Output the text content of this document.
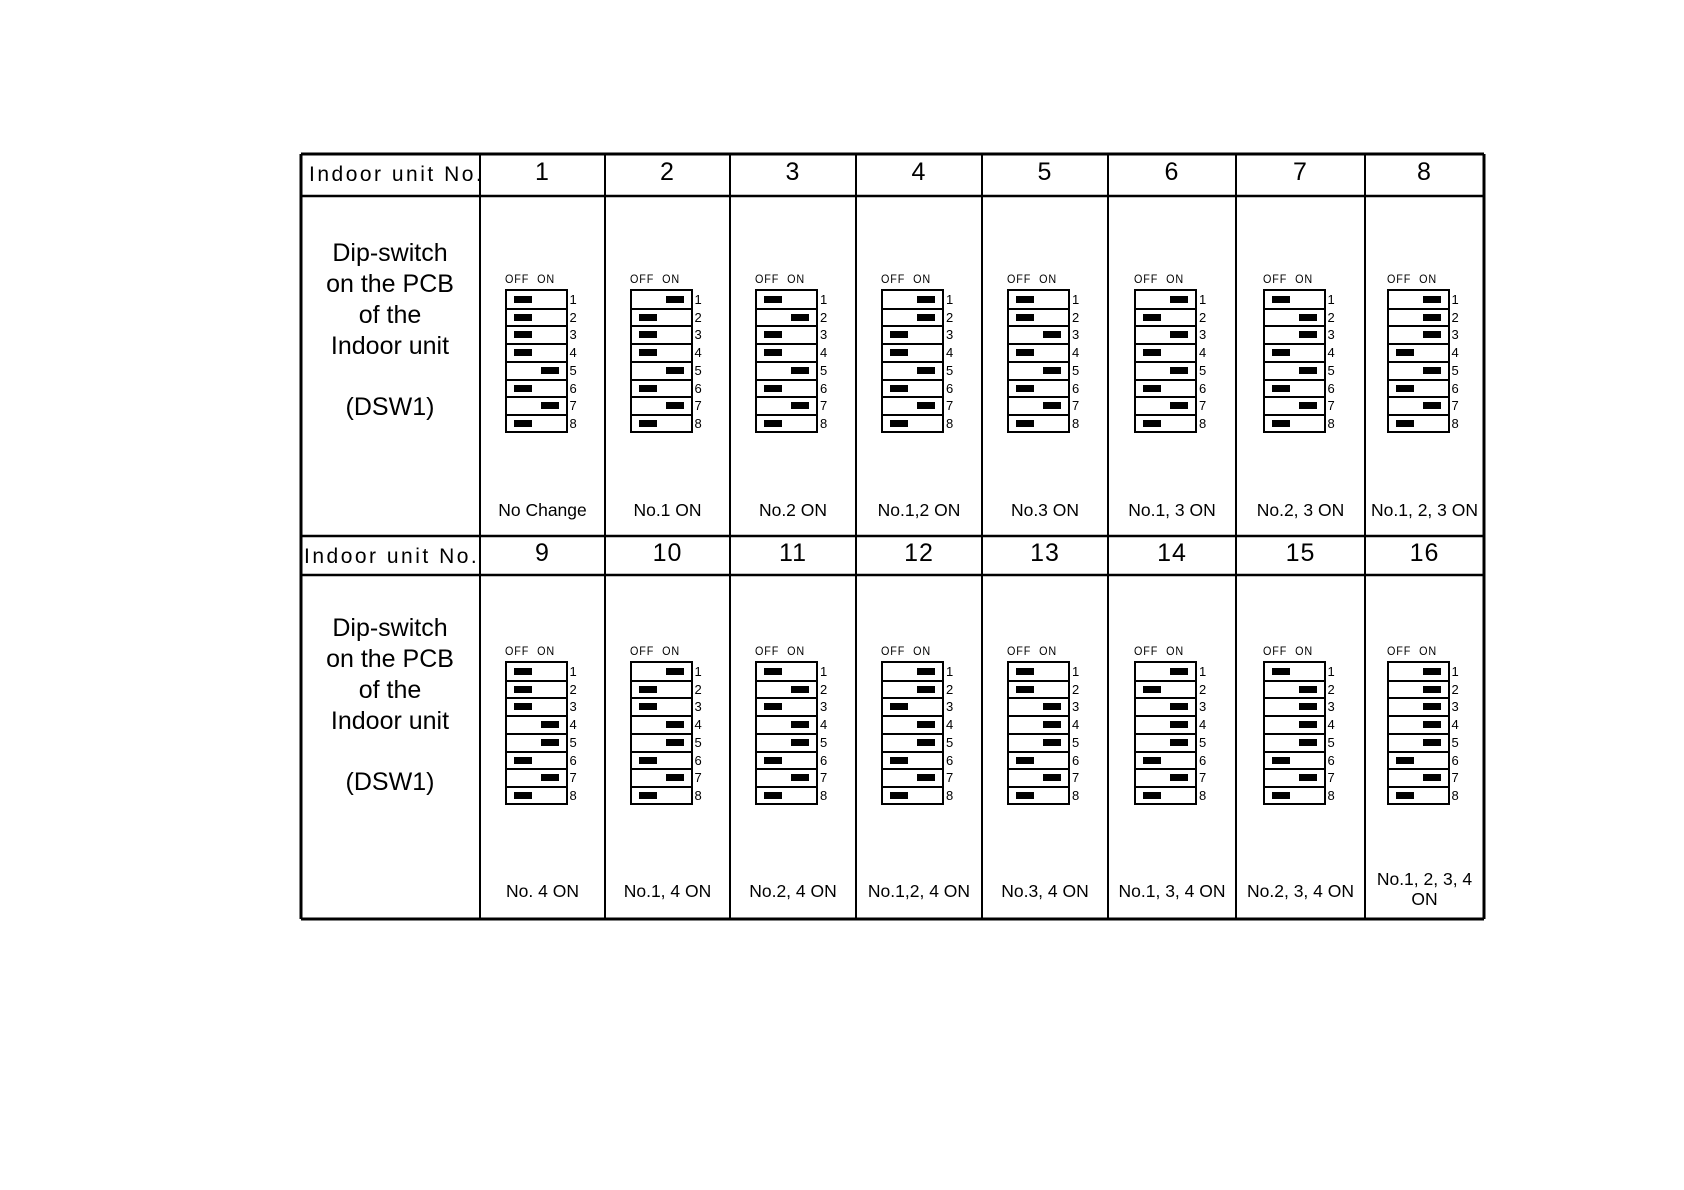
Indoor unit No.
Indoor unit No.
Dip-switch
on the PCB
of the
Indoor unit
(DSW1)
Dip-switch
on the PCB
of the
Indoor unit
(DSW1)
1
OFF  ON
1
2
3
4
5
6
7
8
No Change
2
OFF  ON
1
2
3
4
5
6
7
8
No.1 ON
3
OFF  ON
1
2
3
4
5
6
7
8
No.2 ON
4
OFF  ON
1
2
3
4
5
6
7
8
No.1,2 ON
5
OFF  ON
1
2
3
4
5
6
7
8
No.3 ON
6
OFF  ON
1
2
3
4
5
6
7
8
No.1, 3 ON
7
OFF  ON
1
2
3
4
5
6
7
8
No.2, 3 ON
8
OFF  ON
1
2
3
4
5
6
7
8
No.1, 2, 3 ON
9
OFF  ON
1
2
3
4
5
6
7
8
No. 4 ON
10
OFF  ON
1
2
3
4
5
6
7
8
No.1, 4 ON
11
OFF  ON
1
2
3
4
5
6
7
8
No.2, 4 ON
12
OFF  ON
1
2
3
4
5
6
7
8
No.1,2, 4 ON
13
OFF  ON
1
2
3
4
5
6
7
8
No.3, 4 ON
14
OFF  ON
1
2
3
4
5
6
7
8
No.1, 3, 4 ON
15
OFF  ON
1
2
3
4
5
6
7
8
No.2, 3, 4 ON
16
OFF  ON
1
2
3
4
5
6
7
8
No.1, 2, 3, 4 ON
